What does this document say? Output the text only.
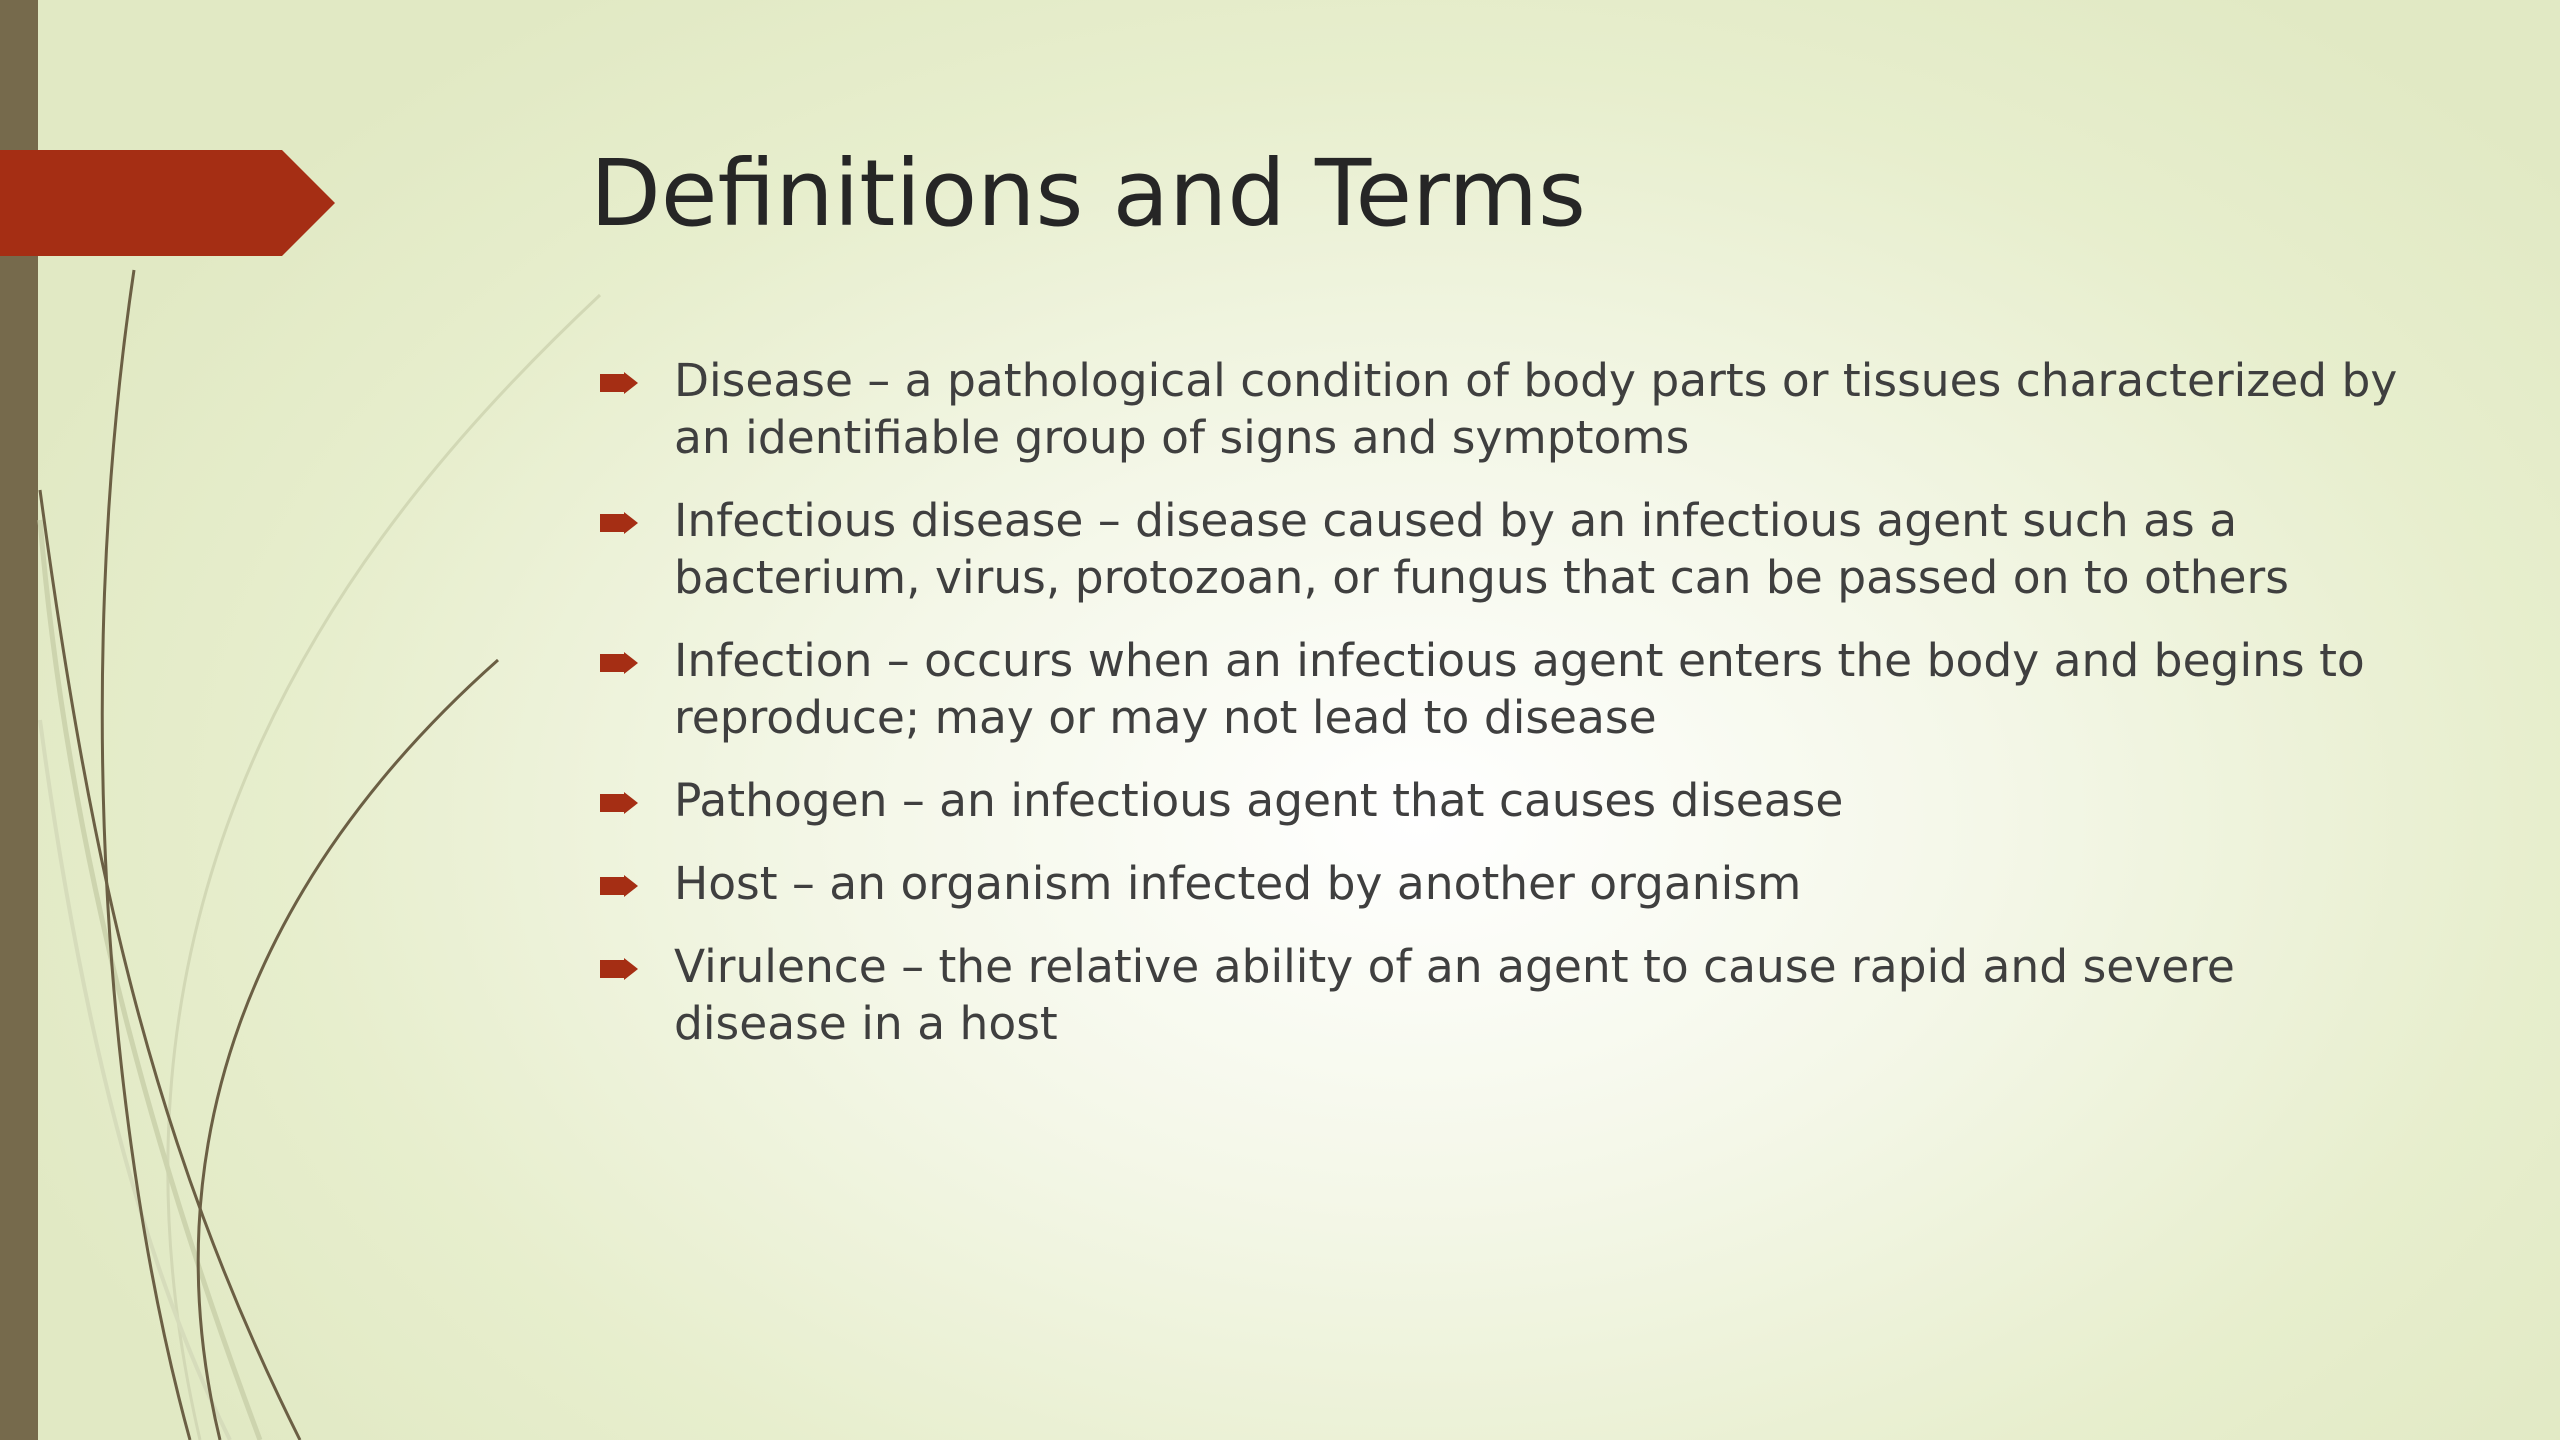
Definitions and Terms
Disease – a pathological condition of body parts or tissues characterized by an identifiable group of signs and symptoms
Infectious disease – disease caused by an infectious agent such as a bacterium, virus, protozoan, or fungus that can be passed on to others
Infection – occurs when an infectious agent enters the body and begins to reproduce; may or may not lead to disease
Pathogen – an infectious agent that causes disease
Host – an organism infected by another organism
Virulence – the relative ability of an agent to cause rapid and severe disease in a host
